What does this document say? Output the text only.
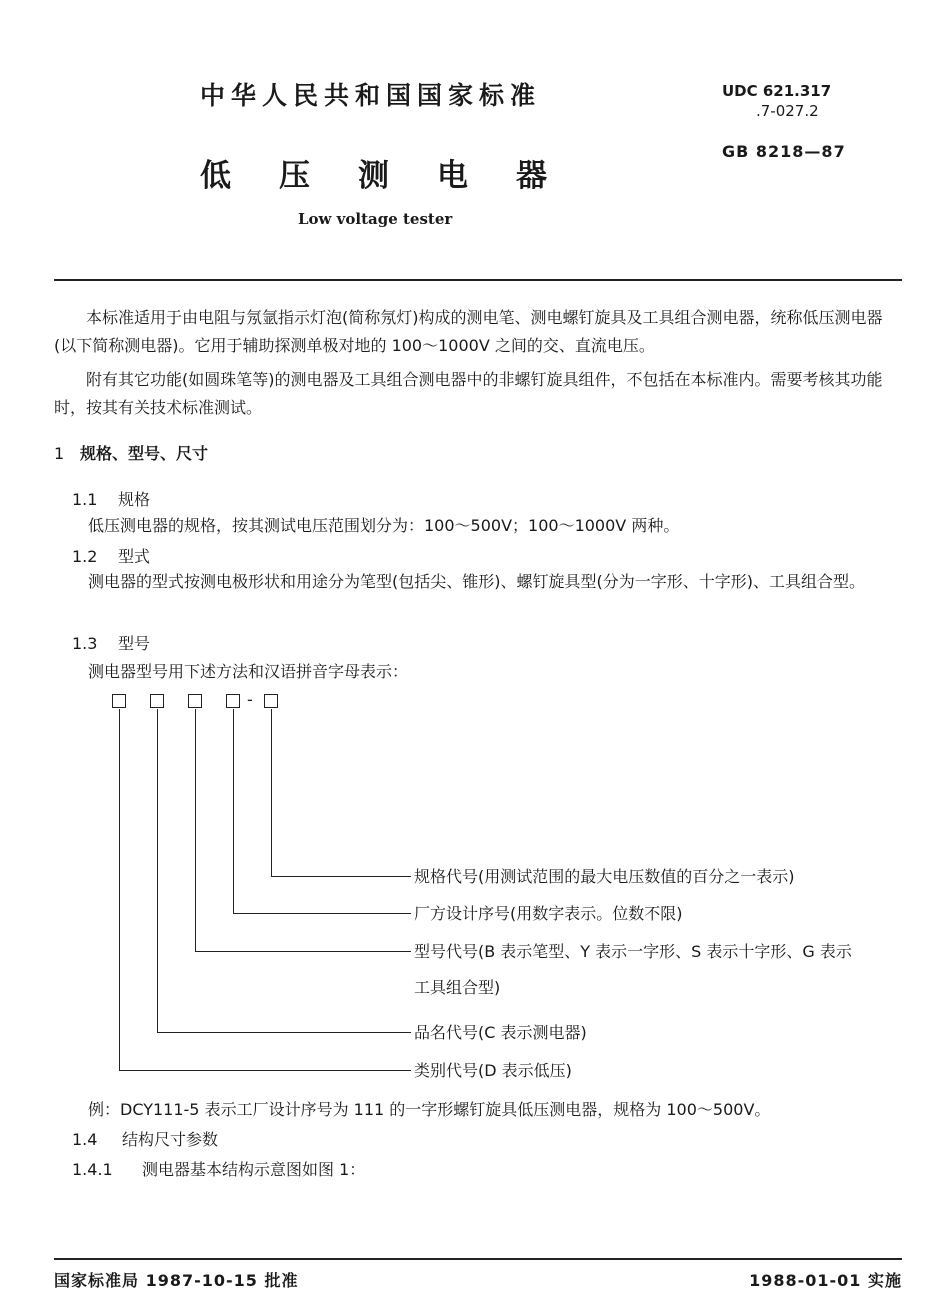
中华人民共和国国家标准	UDC 621.317
.7-027.2
GB 8218—87
低压测电器
Low voltage tester
本标准适用于由电阻与氖氩指示灯泡(简称氖灯)构成的测电笔、测电螺钉旋具及工具组合测电器，统称低压测电器(以下简称测电器)。它用于辅助探测单极对地的 100～1000V 之间的交、直流电压。
附有其它功能(如圆珠笔等)的测电器及工具组合测电器中的非螺钉旋具组件，不包括在本标准内。需要考核其功能时，按其有关技术标准测试。
1 规格、型号、尺寸
1.1 规格
低压测电器的规格，按其测试电压范围划分为：100～500V；100～1000V 两种。
1.2 型式
测电器的型式按测电极形状和用途分为笔型(包括尖、锥形)、螺钉旋具型(分为一字形、十字形)、工具组合型。
1.3 型号
测电器型号用下述方法和汉语拼音字母表示：
-
规格代号(用测试范围的最大电压数值的百分之一表示)
厂方设计序号(用数字表示。位数不限)
型号代号(B 表示笔型、Y 表示一字形、S 表示十字形、G 表示
工具组合型)
品名代号(C 表示测电器)
类别代号(D 表示低压)
例：DCY111-5 表示工厂设计序号为 111 的一字形螺钉旋具低压测电器，规格为 100～500V。
1.4 结构尺寸参数
1.4.1 测电器基本结构示意图如图 1：
国家标准局 1987-10-15 批准	1988-01-01 实施
